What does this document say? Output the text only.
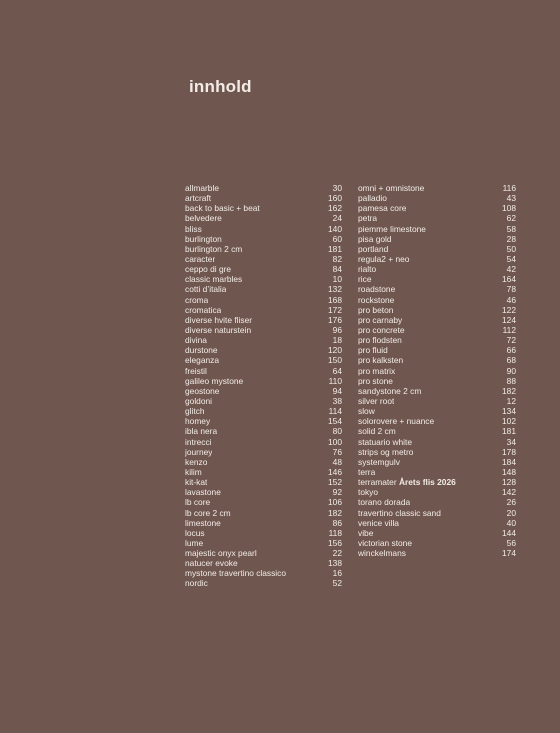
innhold
allmarble	30
artcraft	160
back to basic + beat	162
belvedere	24
bliss	140
burlington	60
burlington 2 cm	181
caracter	82
ceppo di gre	84
classic marbles	10
cotti d’italia	132
croma	168
cromatica	172
diverse hvite fliser	176
diverse naturstein	96
divina	18
durstone	120
eleganza	150
freistil	64
galileo mystone	110
geostone	94
goldoni	38
glitch	114
homey	154
ibla nera	80
intrecci	100
journey	76
kenzo	48
kilim	146
kit-kat	152
lavastone	92
lb core	106
lb core 2 cm	182
limestone	86
locus	118
lume	156
majestic onyx pearl	22
natucer evoke	138
mystone travertino classico	16
nordic	52
omni + omnistone	116
palladio	43
pamesa core	108
petra	62
piemme limestone	58
pisa gold	28
portland	50
regula2 + neo	54
rialto	42
rice	164
roadstone	78
rockstone	46
pro beton	122
pro carnaby	124
pro concrete	112
pro flodsten	72
pro fluid	66
pro kalksten	68
pro matrix	90
pro stone	88
sandystone 2 cm	182
silver root	12
slow	134
solorovere + nuance	102
solid 2 cm	181
statuario white	34
strips og metro	178
systemgulv	184
terra	148
terramater Årets flis 2026	128
tokyo	142
torano dorada	26
travertino classic sand	20
venice villa	40
vibe	144
victorian stone	56
winckelmans	174
